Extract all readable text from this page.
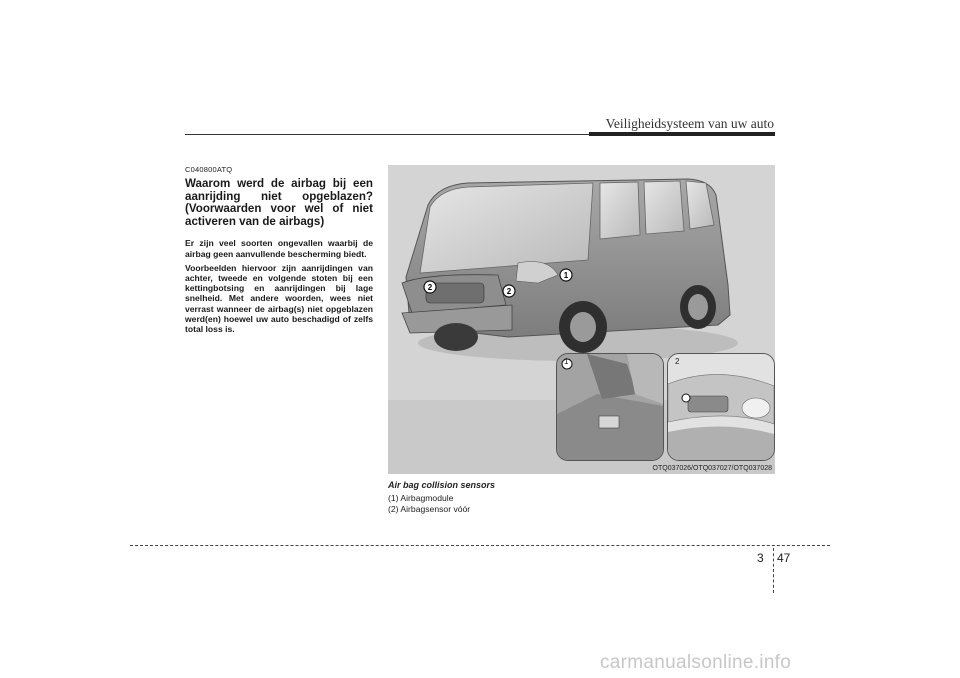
Veiligheidsysteem van uw auto
C040800ATQ

Waarom werd de airbag bij een aanrijding niet opgeblazen? (Voorwaarden voor wel of niet activeren van de airbags)

Er zijn veel soorten ongevallen waarbij de airbag geen aanvullende bescherming biedt.

Voorbeelden hiervoor zijn aanrijdingen van achter, tweede en volgende stoten bij een kettingbotsing en aanrijdingen bij lage snelheid. Met andere woorden, wees niet verrast wanneer de airbag(s) niet opgeblazen werd(en) hoewel uw auto beschadigd of zelfs total loss is.

2	2
1
1	2
OTQ037026/OTQ037027/OTQ037028
Air bag collision sensors
(1) Airbagmodule
(2) Airbagsensor vóór
3 47
carmanualsonline.info
